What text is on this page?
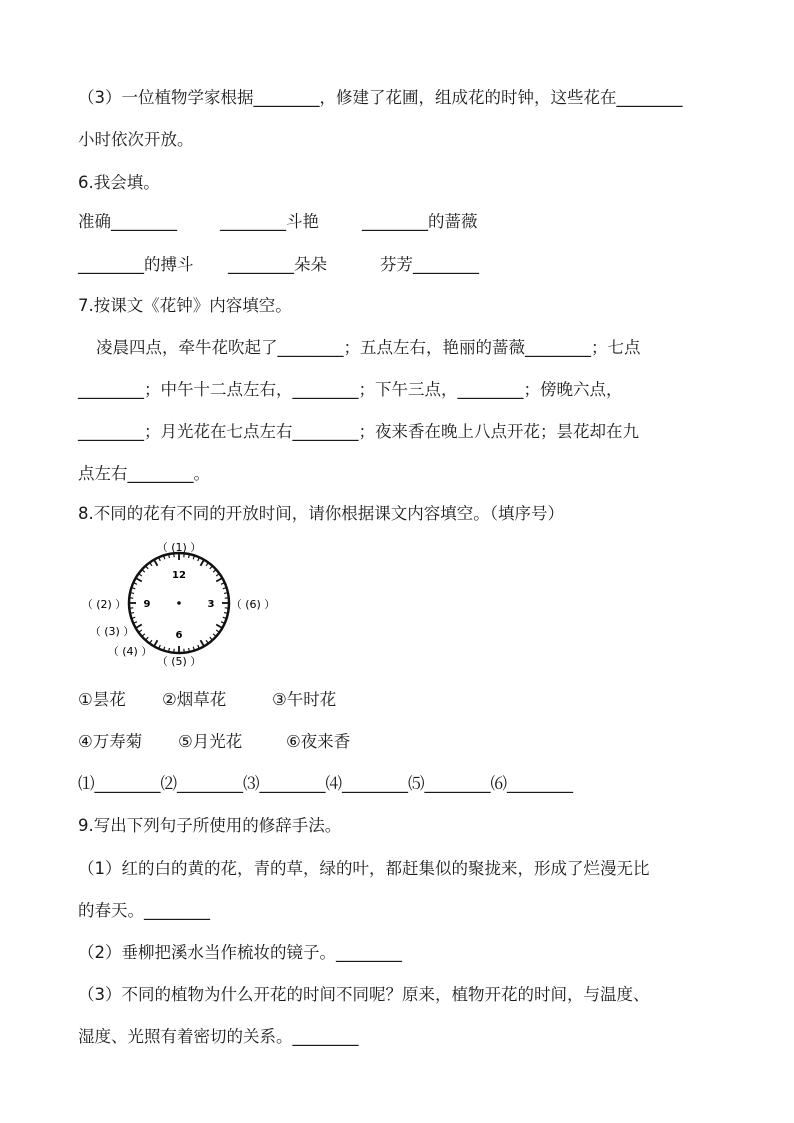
（3）一位植物学家根据________，修建了花圃，组成花的时钟，这些花在________
小时依次开放。
6.我会填。
准确________	________斗艳	________的蔷薇
________的搏斗 ________朵朵	芬芳________
7.按课文《花钟》内容填空。
凌晨四点，牵牛花吹起了________；五点左右，艳丽的蔷薇________；七点
________；中午十二点左右，________；下午三点，________；傍晚六点，
________；月光花在七点左右________；夜来香在晚上八点开花；昙花却在九
点左右________。
8.不同的花有不同的开放时间，请你根据课文内容填空。（填序号）
12
3
6
9
（ (1) ）
（ (2) ）
（ (3) ）
（ (4) ）
（ (5) ）
（ (6) ）
①昙花 ②烟草花	③午时花
④万寿菊 ⑤月光花	⑥夜来香
⑴________⑵________⑶________⑷________⑸________⑹________
9.写出下列句子所使用的修辞手法。
（1）红的白的黄的花，青的草，绿的叶，都赶集似的聚拢来，形成了烂漫无比
的春天。________
（2）垂柳把溪水当作梳妆的镜子。________
（3）不同的植物为什么开花的时间不同呢？原来，植物开花的时间，与温度、
湿度、光照有着密切的关系。________
